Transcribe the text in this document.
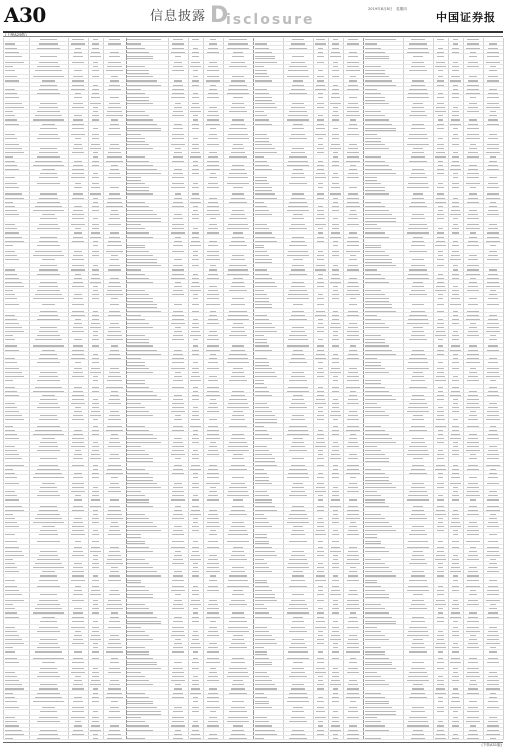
A30	信息披露 D
isclosure
2019年8月8日　星期四
中国证券报
(上接A29版)
(下转A31版)
